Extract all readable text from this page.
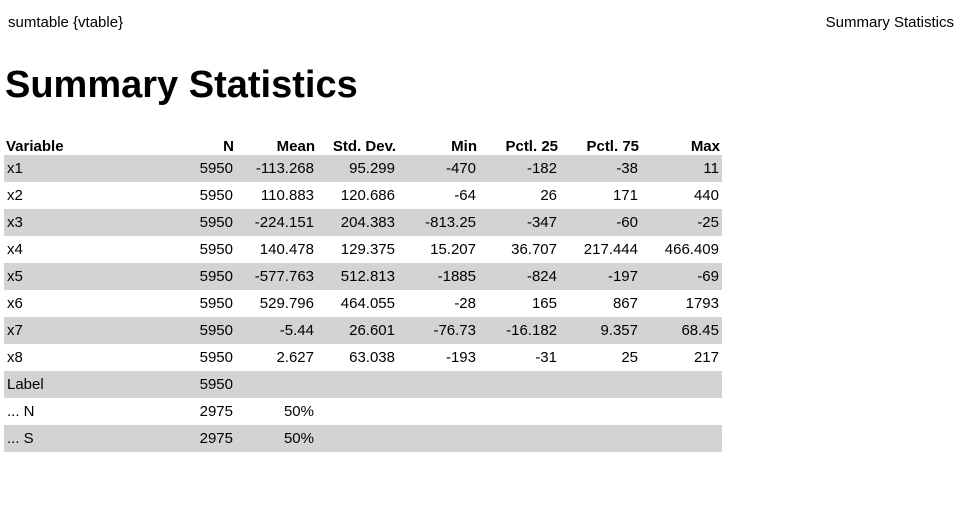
sumtable {vtable}	Summary Statistics
Summary Statistics
Variable	N	Mean	Std. Dev.	Min	Pctl. 25	Pctl. 75	Max
x1	5950	-113.268	95.299	-470	-182	-38	11
x2	5950	110.883	120.686	-64	26	171	440
x3	5950	-224.151	204.383	-813.25	-347	-60	-25
x4	5950	140.478	129.375	15.207	36.707	217.444	466.409
x5	5950	-577.763	512.813	-1885	-824	-197	-69
x6	5950	529.796	464.055	-28	165	867	1793
x7	5950	-5.44	26.601	-76.73	-16.182	9.357	68.45
x8	5950	2.627	63.038	-193	-31	25	217
Label	5950						
... N	2975	50%					
... S	2975	50%					
